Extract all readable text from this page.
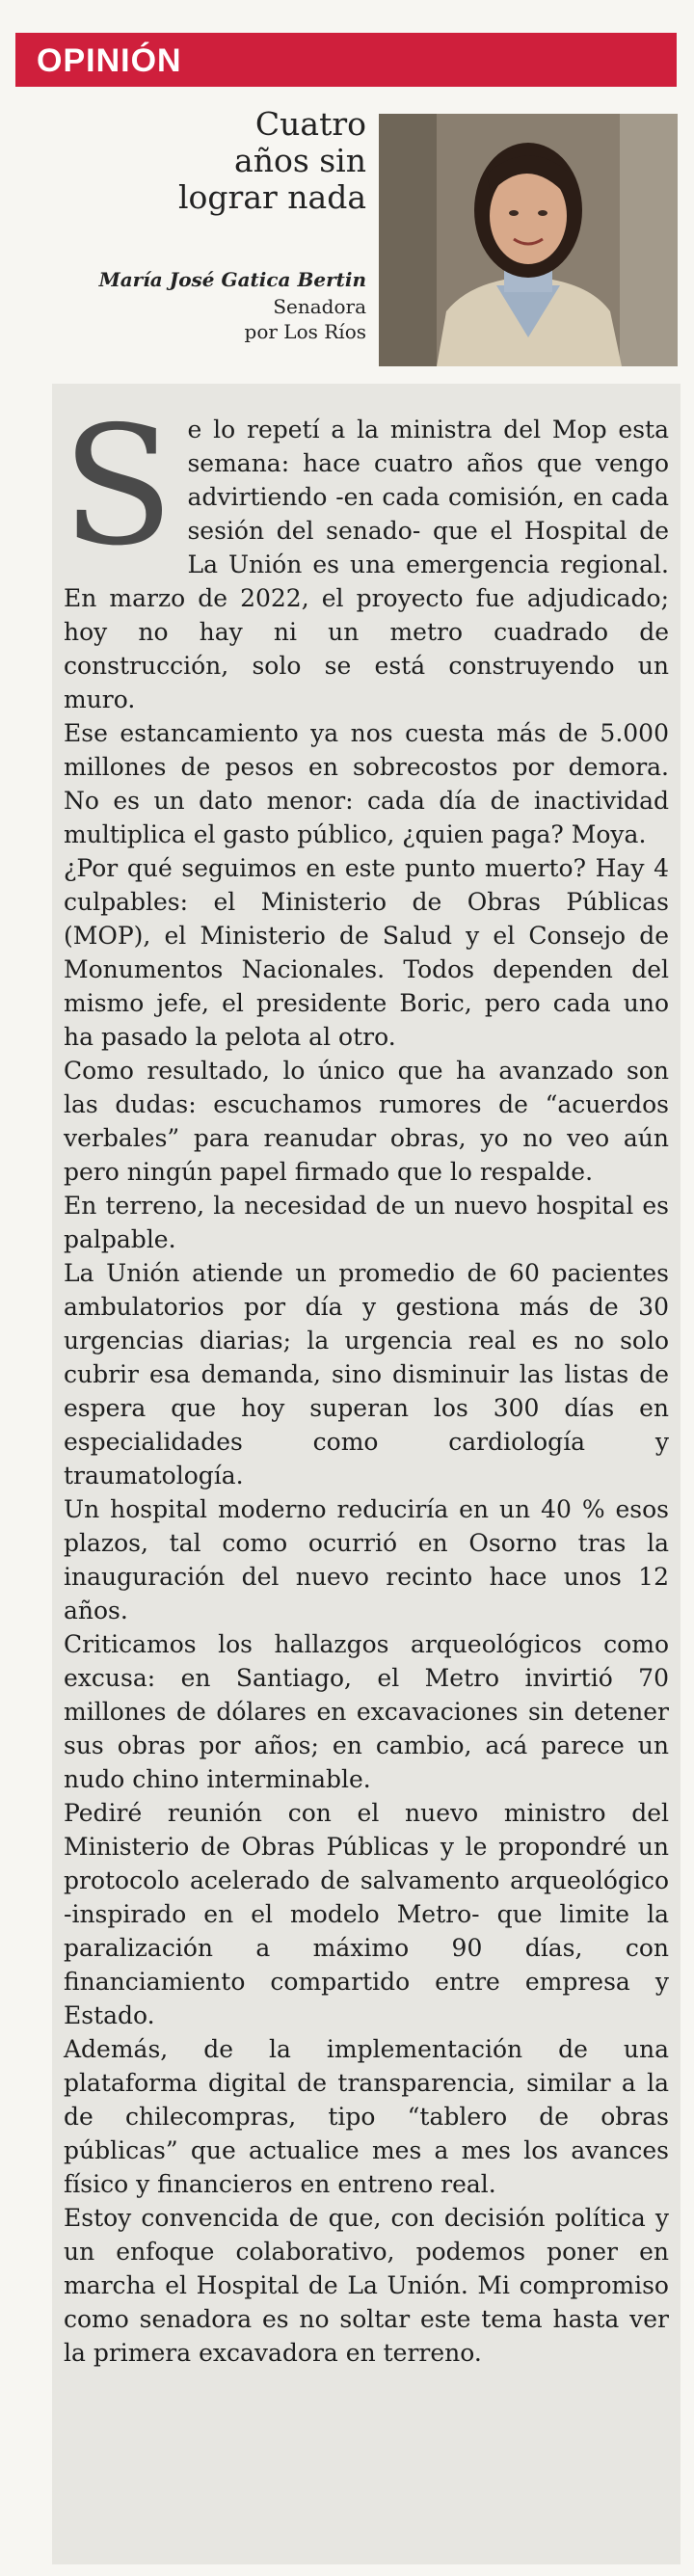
OPINIÓN
Cuatro
años sin
lograr nada
María José Gatica Bertin
Senadora
por Los Ríos
S e lo repetí a la ministra del Mop esta semana: hace cuatro años que vengo advirtiendo -en cada comisión, en cada sesión del senado- que el Hospital de La Unión es una emergencia regional. En marzo de 2022, el proyecto fue adjudicado; hoy no hay ni un metro cuadrado de construcción, solo se está construyendo un muro.

Ese estancamiento ya nos cuesta más de 5.000 millones de pesos en sobrecostos por demora. No es un dato menor: cada día de inactividad multiplica el gasto público, ¿quien paga? Moya.

¿Por qué seguimos en este punto muerto? Hay 4 culpables: el Ministerio de Obras Públicas (MOP), el Ministerio de Salud y el Consejo de Monumentos Nacionales. Todos dependen del mismo jefe, el presidente Boric, pero cada uno ha pasado la pelota al otro.

Como resultado, lo único que ha avanzado son las dudas: escuchamos rumores de “acuerdos verbales” para reanudar obras, yo no veo aún pero ningún papel firmado que lo respalde.

En terreno, la necesidad de un nuevo hospital es palpable.

La Unión atiende un promedio de 60 pacientes ambulatorios por día y gestiona más de 30 urgencias diarias; la urgencia real es no solo cubrir esa demanda, sino disminuir las listas de espera que hoy superan los 300 días en especialidades como cardiología y traumatología.

Un hospital moderno reduciría en un 40 % esos plazos, tal como ocurrió en Osorno tras la inauguración del nuevo recinto hace unos 12 años.

Criticamos los hallazgos arqueológicos como excusa: en Santiago, el Metro invirtió 70 millones de dólares en excavaciones sin detener sus obras por años; en cambio, acá parece un nudo chino interminable.

Pediré reunión con el nuevo ministro del Ministerio de Obras Públicas y le propondré un protocolo acelerado de salvamento arqueológico -inspirado en el modelo Metro- que limite la paralización a máximo 90 días, con financiamiento compartido entre empresa y Estado.

Además, de la implementación de una plataforma digital de transparencia, similar a la de chilecompras, tipo “tablero de obras públicas” que actualice mes a mes los avances físico y financieros en entreno real.

Estoy convencida de que, con decisión política y un enfoque colaborativo, podemos poner en marcha el Hospital de La Unión. Mi compromiso como senadora es no soltar este tema hasta ver la primera excavadora en terreno.
